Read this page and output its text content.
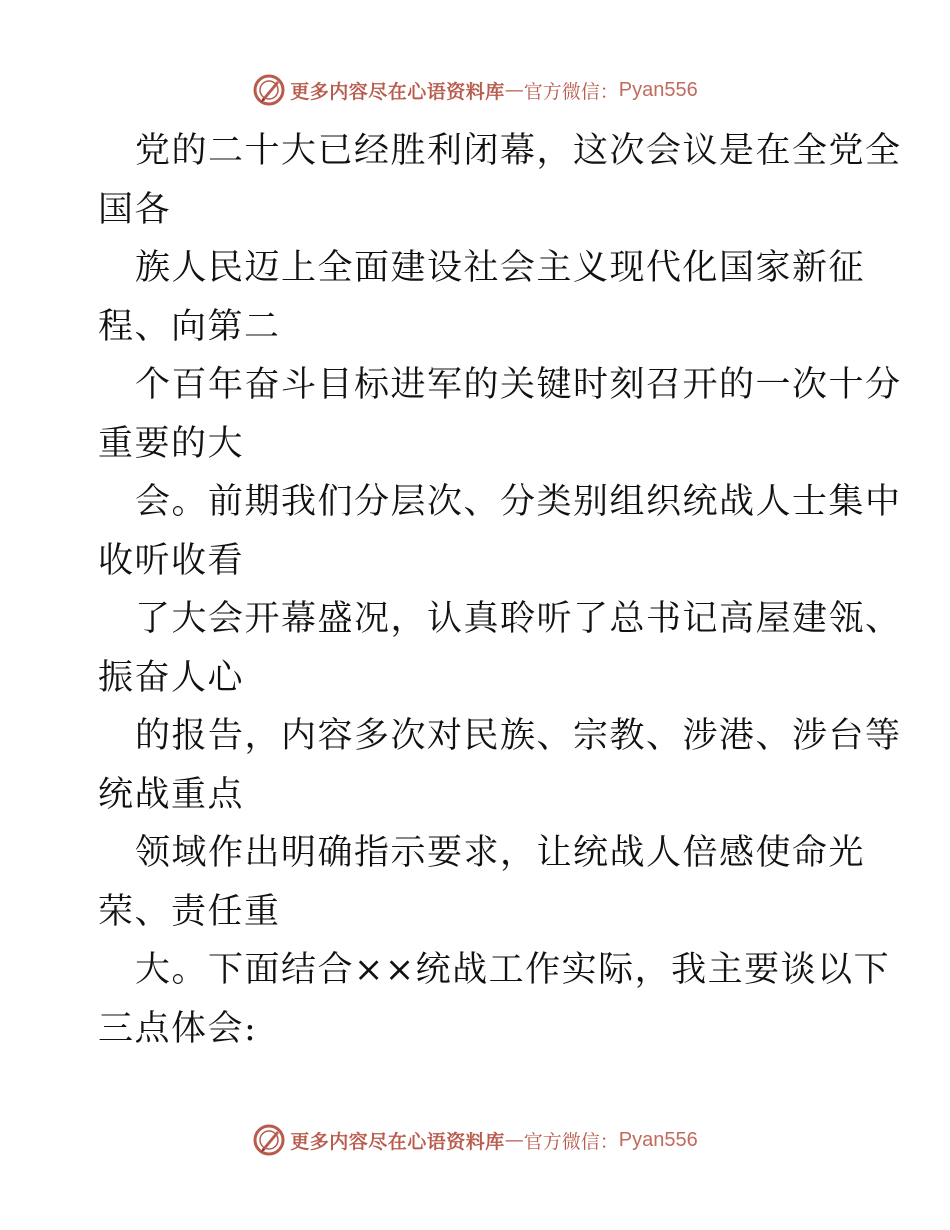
更多内容尽在心语资料库 — 官方微信： Pyan556
党的二十大已经胜利闭幕，这次会议是在全党全
国各
族人民迈上全面建设社会主义现代化国家新征
程、向第二
个百年奋斗目标进军的关键时刻召开的一次十分
重要的大
会。前期我们分层次、分类别组织统战人士集中
收听收看
了大会开幕盛况，认真聆听了总书记高屋建瓴、
振奋人心
的报告，内容多次对民族、宗教、涉港、涉台等
统战重点
领域作出明确指示要求，让统战人倍感使命光
荣、责任重
大。下面结合××统战工作实际，我主要谈以下
三点体会:
更多内容尽在心语资料库 — 官方微信： Pyan556
